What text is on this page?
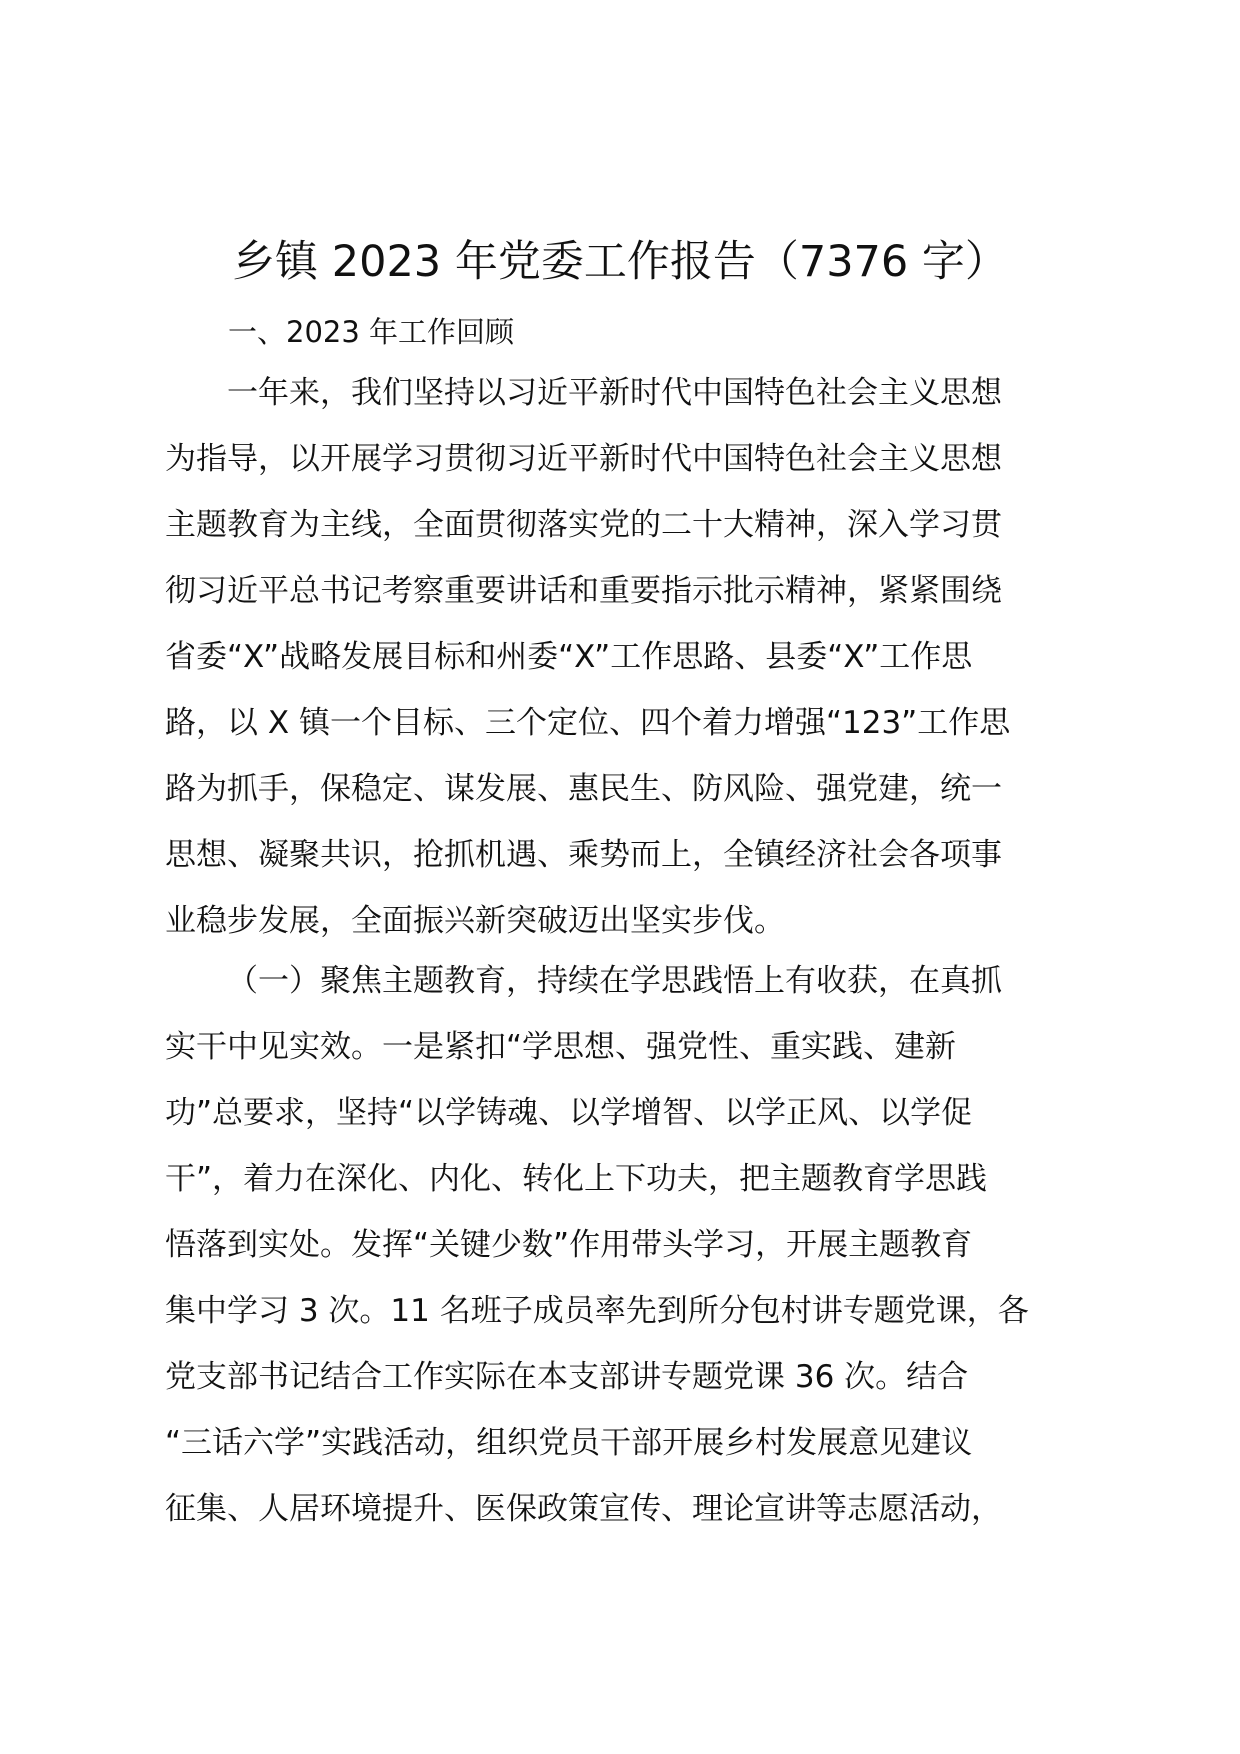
乡镇 2023 年党委工作报告（7376 字）

一、2023 年工作回顾

一年来，我们坚持以习近平新时代中国特色社会主义思想
为指导，以开展学习贯彻习近平新时代中国特色社会主义思想
主题教育为主线，全面贯彻落实党的二十大精神，深入学习贯
彻习近平总书记考察重要讲话和重要指示批示精神，紧紧围绕
省委“X”战略发展目标和州委“X”工作思路、县委“X”工作思
路，以 X 镇一个目标、三个定位、四个着力增强“123”工作思
路为抓手，保稳定、谋发展、惠民生、防风险、强党建，统一
思想、凝聚共识，抢抓机遇、乘势而上，全镇经济社会各项事
业稳步发展，全面振兴新突破迈出坚实步伐。
（一）聚焦主题教育，持续在学思践悟上有收获，在真抓
实干中见实效。一是紧扣“学思想、强党性、重实践、建新
功”总要求，坚持“以学铸魂、以学增智、以学正风、以学促
干”，着力在深化、内化、转化上下功夫，把主题教育学思践
悟落到实处。发挥“关键少数”作用带头学习，开展主题教育
集中学习 3 次。11 名班子成员率先到所分包村讲专题党课，各
党支部书记结合工作实际在本支部讲专题党课 36 次。结合
“三话六学”实践活动，组织党员干部开展乡村发展意见建议
征集、人居环境提升、医保政策宣传、理论宣讲等志愿活动，
